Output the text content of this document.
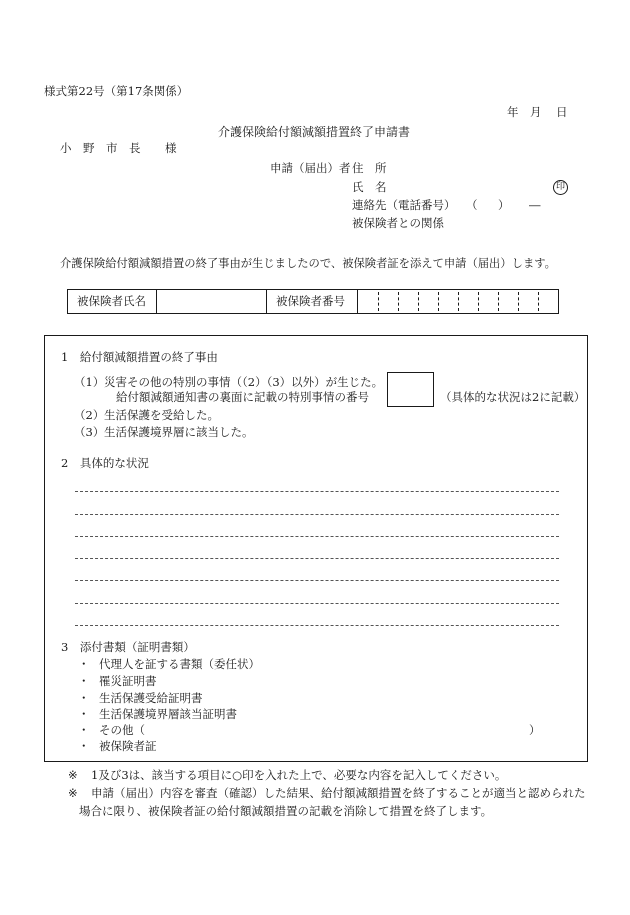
様式第22号（第17条関係）
年 月 日
介護保険給付額減額措置終了申請書
小　野　市　長 様
申請（届出）者 住　所
氏　名	印
連絡先（電話番号） （ ） ―
被保険者との関係
介護保険給付額減額措置の終了事由が生じましたので、被保険者証を添えて申請（届出）します。
被保険者氏名	被保険者番号
1　給付額減額措置の終了事由
（1） 災害その他の特別の事情（（2）（3）以外）が生じた。
給付額減額通知書の裏面に記載の特別事情の番号	（具体的な状況は2に記載）
（2） 生活保護を受給した。
（3） 生活保護境界層に該当した。
2　具体的な状況
3　添付書類（証明書類）
・ 代理人を証する書類（委任状）
・ 罹災証明書
・ 生活保護受給証明書
・ 生活保護境界層該当証明書
・ その他（	）
・ 被保険者証
※ 1及び3は、該当する項目に○印を入れた上で、必要な内容を記入してください。
※ 申請（届出）内容を審査（確認）した結果、給付額減額措置を終了することが適当と認められた
場合に限り、被保険者証の給付額減額措置の記載を消除して措置を終了します。
